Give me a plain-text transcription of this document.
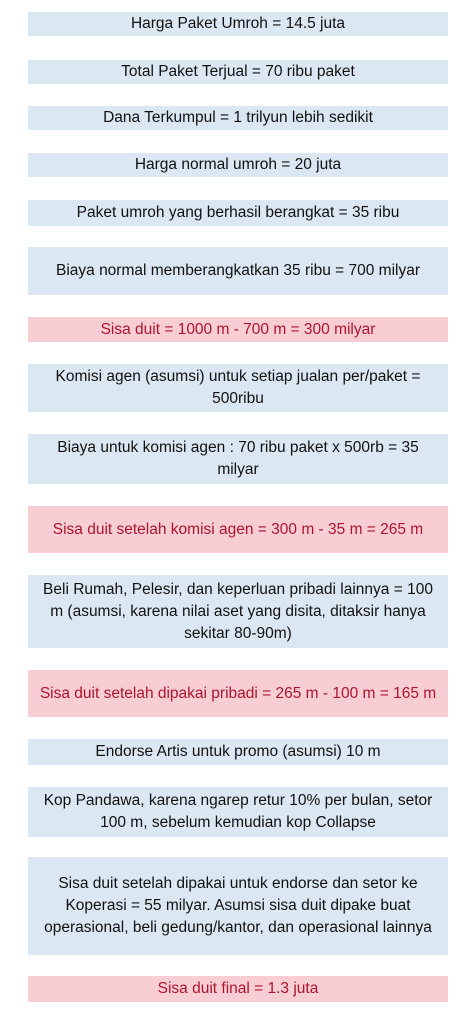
Harga Paket Umroh = 14.5 juta
Total Paket Terjual = 70 ribu paket
Dana Terkumpul = 1 trilyun lebih sedikit
Harga normal umroh = 20 juta
Paket umroh yang berhasil berangkat = 35 ribu
Biaya normal memberangkatkan 35 ribu = 700 milyar
Sisa duit = 1000 m - 700 m = 300 milyar
Komisi agen (asumsi) untuk setiap jualan per/paket = 500ribu
Biaya untuk komisi agen : 70 ribu paket x 500rb = 35 milyar
Sisa duit setelah komisi agen = 300 m - 35 m = 265 m
Beli Rumah, Pelesir, dan keperluan pribadi lainnya = 100 m (asumsi, karena nilai aset yang disita, ditaksir hanya sekitar 80-90m)
Sisa duit setelah dipakai pribadi = 265 m - 100 m = 165 m
Endorse Artis untuk promo (asumsi) 10 m
Kop Pandawa, karena ngarep retur 10% per bulan, setor 100 m, sebelum kemudian kop Collapse
Sisa duit setelah dipakai untuk endorse dan setor ke Koperasi = 55 milyar. Asumsi sisa duit dipake buat operasional, beli gedung/kantor, dan operasional lainnya
Sisa duit final = 1.3 juta
